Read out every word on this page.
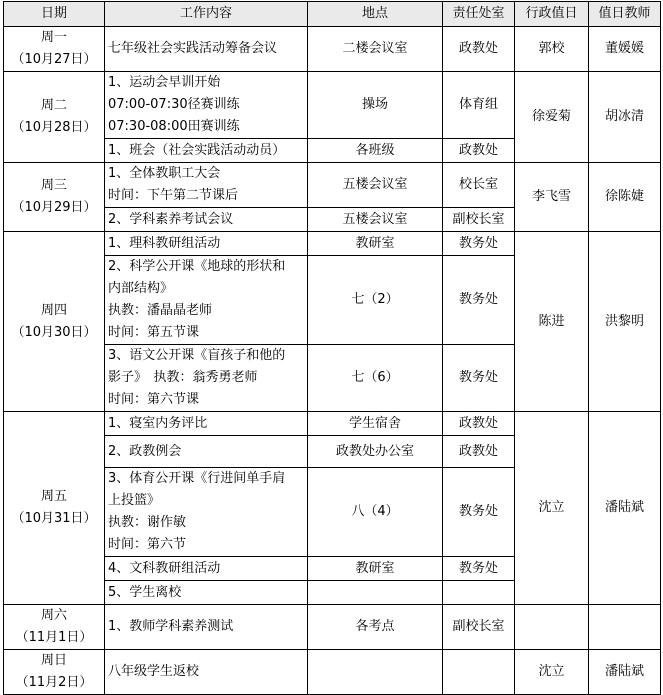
日期	工作内容	地点	责任处室	行政值日	值日教师

周一
（10月27日）	七年级社会实践活动筹备会议	二楼会议室	政教处	郭校	董媛媛

周二
（10月28日）	1、运动会早训开始
07:00-07:30径赛训练
07:30-08:00田赛训练	操场	体育组	徐爱菊	胡冰清
	1、班会（社会实践活动动员）	各班级	政教处		

周三
（10月29日）	1、全体教职工大会
时间：下午第二节课后	五楼会议室	校长室	李飞雪	徐陈婕
	2、学科素养考试会议	五楼会议室	副校长室		

周四
（10月30日）	1、理科教研组活动	教研室	教务处	陈进	洪黎明

	2、科学公开课《地球的形状和
内部结构》
执教：潘晶晶老师
时间：第五节课	七（2）	教务处		

	3、语文公开课《盲孩子和他的
影子》　执教：翁秀勇老师
时间：第六节课	七（6）	教务处		

周五
（10月31日）	1、寝室内务评比	学生宿舍	政教处	沈立	潘陆斌
	2、政教例会	政教处办公室	政教处		

	3、体育公开课《行进间单手肩
上投篮》
执教：谢作敏
时间：第六节	八（4）	教务处		
	4、文科教研组活动	教研室	教务处		
	5、学生离校				

周六
（11月1日）	1、教师学科素养测试	各考点	副校长室		

周日
（11月2日）	八年级学生返校			沈立	潘陆斌
